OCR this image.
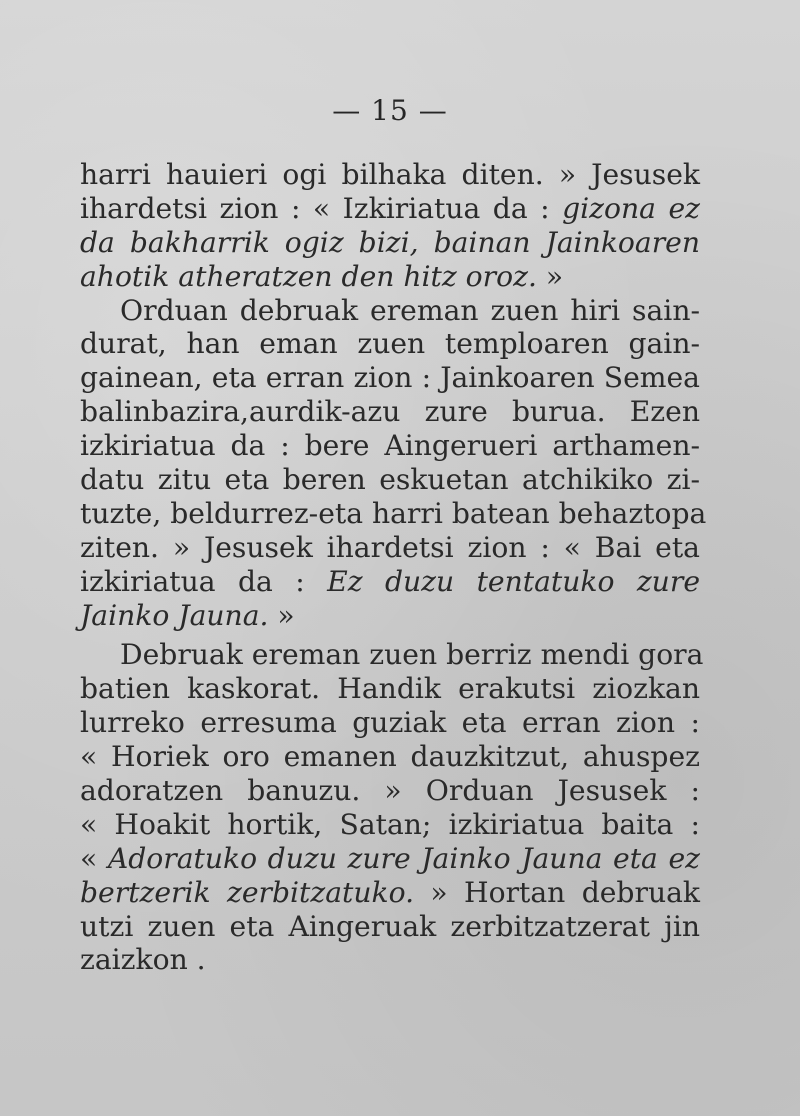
— 15 —
harri hauieri ogi bilhaka diten. » Jesusek
ihardetsi zion : « Izkiriatua da : gizona ez
da bakharrik ogiz bizi, bainan Jainkoaren
ahotik atheratzen den hitz oroz. »
Orduan debruak ereman zuen hiri sain-
durat, han eman zuen temploaren gain-
gainean, eta erran zion : Jainkoaren Semea
balinbazira,aurdik-azu zure burua. Ezen
izkiriatua da : bere Aingerueri arthamen-
datu zitu eta beren eskuetan atchikiko zi-
tuzte, beldurrez-eta harri batean behaztopa
ziten. » Jesusek ihardetsi zion : « Bai eta
izkiriatua da : Ez duzu tentatuko zure
Jainko Jauna. »
Debruak ereman zuen berriz mendi gora
batien kaskorat. Handik erakutsi ziozkan
lurreko erresuma guziak eta erran zion :
« Horiek oro emanen dauzkitzut, ahuspez
adoratzen banuzu. » Orduan Jesusek :
« Hoakit hortik, Satan; izkiriatua baita :
« Adoratuko duzu zure Jainko Jauna eta ez
bertzerik zerbitzatuko. » Hortan debruak
utzi zuen eta Aingeruak zerbitzatzerat jin
zaizkon .
